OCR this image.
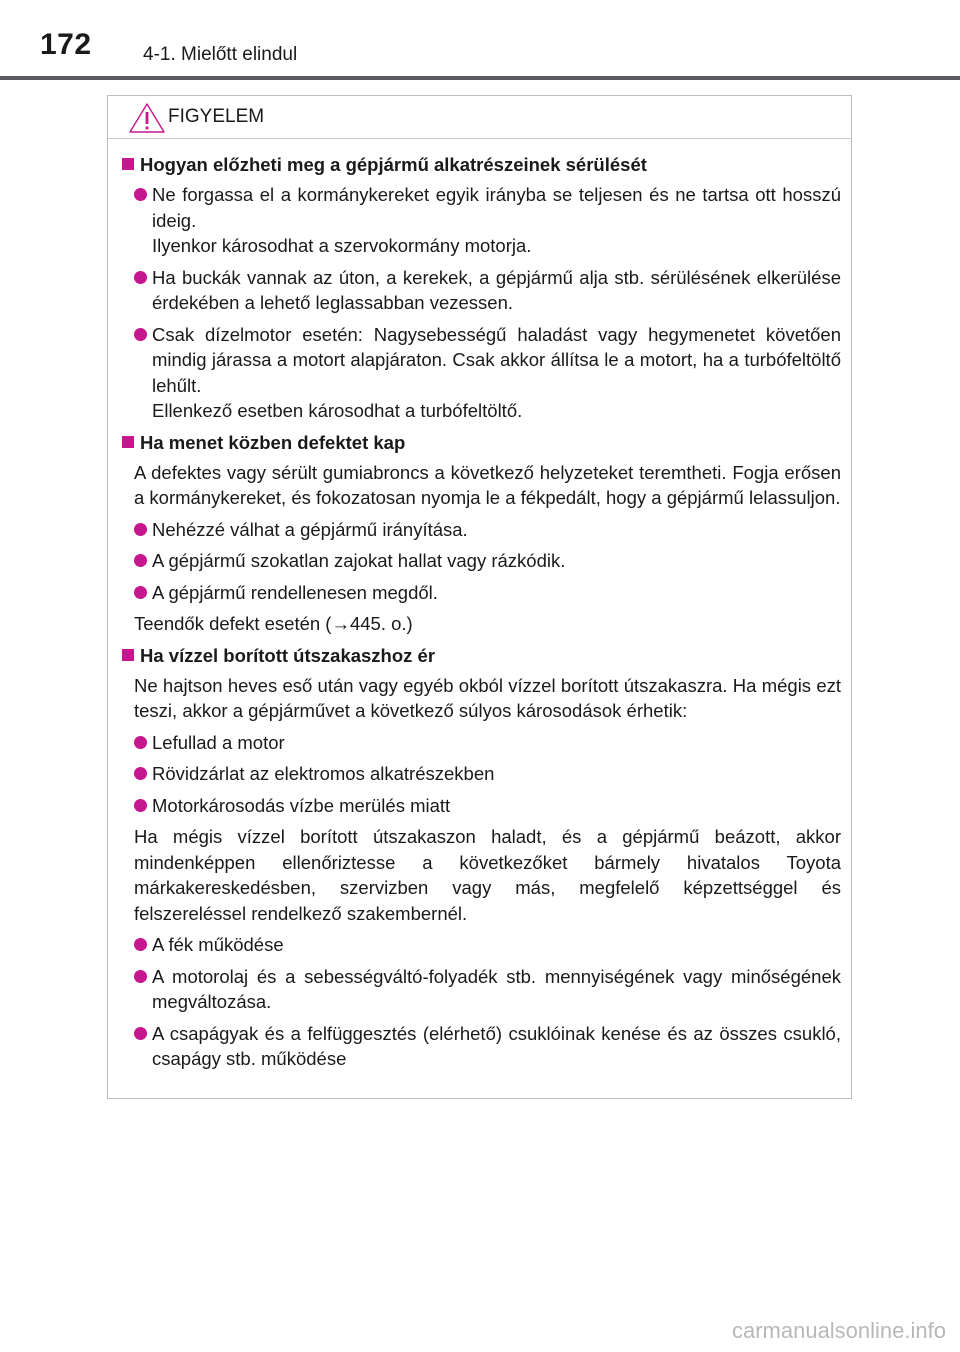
172	4-1. Mielőtt elindul
FIGYELEM
Hogyan előzheti meg a gépjármű alkatrészeinek sérülését
Ne forgassa el a kormánykereket egyik irányba se teljesen és ne tartsa ott hosszú ideig.
Ilyenkor károsodhat a szervokormány motorja.
Ha buckák vannak az úton, a kerekek, a gépjármű alja stb. sérülésének elkerülése érdekében a lehető leglassabban vezessen.
Csak dízelmotor esetén: Nagysebességű haladást vagy hegymenetet követően mindig járassa a motort alapjáraton. Csak akkor állítsa le a motort, ha a turbófeltöltő lehűlt.
Ellenkező esetben károsodhat a turbófeltöltő.
Ha menet közben defektet kap
A defektes vagy sérült gumiabroncs a következő helyzeteket teremtheti. Fogja erősen a kormánykereket, és fokozatosan nyomja le a fékpedált, hogy a gépjármű lelassuljon.
Nehézzé válhat a gépjármű irányítása.
A gépjármű szokatlan zajokat hallat vagy rázkódik.
A gépjármű rendellenesen megdől.
Teendők defekt esetén (→445. o.)
Ha vízzel borított útszakaszhoz ér
Ne hajtson heves eső után vagy egyéb okból vízzel borított útszakaszra. Ha mégis ezt teszi, akkor a gépjárművet a következő súlyos károsodások érhetik:
Lefullad a motor
Rövidzárlat az elektromos alkatrészekben
Motorkárosodás vízbe merülés miatt
Ha mégis vízzel borított útszakaszon haladt, és a gépjármű beázott, akkor mindenképpen ellenőriztesse a következőket bármely hivatalos Toyota márkakereskedésben, szervizben vagy más, megfelelő képzettséggel és felszereléssel rendelkező szakembernél.
A fék működése
A motorolaj és a sebességváltó-folyadék stb. mennyiségének vagy minőségének megváltozása.
A csapágyak és a felfüggesztés (elérhető) csuklóinak kenése és az összes csukló, csapágy stb. működése
carmanualsonline.info
